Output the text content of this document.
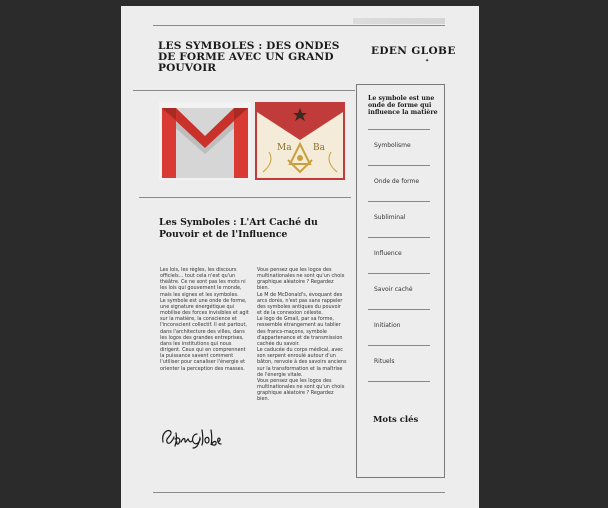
LES SYMBOLES : DES ONDES DE FORME AVEC UN GRAND POUVOIR
EDEN GLOBE
✦
Ma Ba
Les Symboles : L'Art Caché du Pouvoir et de l'Influence

Les lois, les règles, les discours officiels... tout cela n'est qu'un théâtre. Ce ne sont pas les mots ni les lois qui gouvernent le monde, mais les signes et les symboles.

Le symbole est une onde de forme, une signature énergétique qui mobilise des forces invisibles et agit sur la matière, la conscience et l'inconscient collectif. Il est partout, dans l'architecture des villes, dans les logos des grandes entreprises, dans les institutions qui nous dirigent. Ceux qui en comprennent la puissance savent comment l'utiliser pour canaliser l'énergie et orienter la perception des masses.

Vous pensez que les logos des multinationales ne sont qu'un choix graphique aléatoire ? Regardez bien.

Le M de McDonald's, évoquant des arcs dorés, n'est pas sans rappeler des symboles antiques du pouvoir et de la connexion céleste.

Le logo de Gmail, par sa forme, ressemble étrangement au tablier des francs-maçons, symbole d'appartenance et de transmission cachée du savoir.

Le caducée du corps médical, avec son serpent enroulé autour d'un bâton, renvoie à des savoirs anciens sur la transformation et la maîtrise de l'énergie vitale.

Vous pensez que les logos des multinationales ne sont qu'un choix graphique aléatoire ? Regardez bien.

Le symbole est une onde de forme qui influence la matière
Symbolisme
Onde de forme
Subliminal
Influence
Savoir caché
Initiation
Rituels
Mots clés
